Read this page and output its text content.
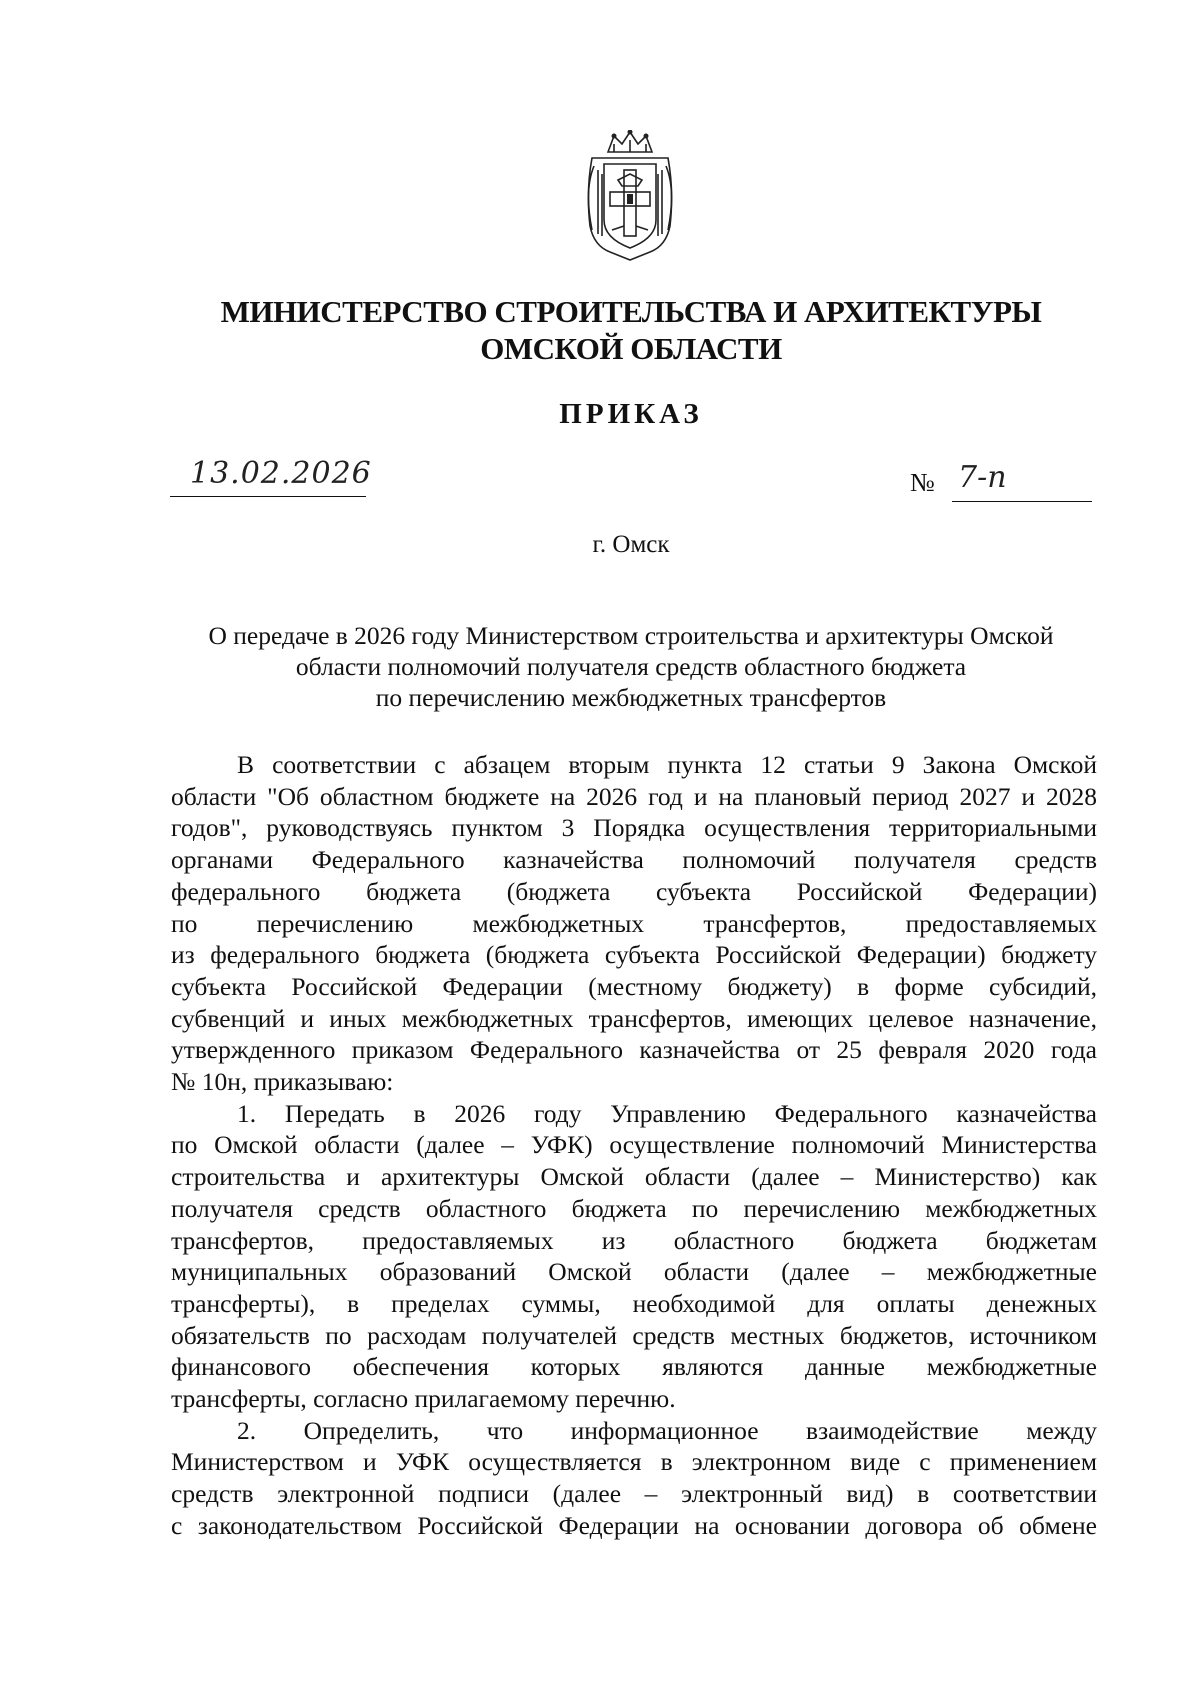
МИНИСТЕРСТВО СТРОИТЕЛЬСТВА И АРХИТЕКТУРЫ
ОМСКОЙ ОБЛАСТИ
ПРИКАЗ
13.02.2026	№ 7-п
г. Омск
О передаче в 2026 году Министерством строительства и архитектуры Омской
области полномочий получателя средств областного бюджета
по перечислению межбюджетных трансфертов

В соответствии с абзацем вторым пункта 12 статьи 9 Закона Омской
области "Об областном бюджете на 2026 год и на плановый период 2027 и 2028
годов", руководствуясь пунктом 3 Порядка осуществления территориальными
органами Федерального казначейства полномочий получателя средств
федерального бюджета (бюджета субъекта Российской Федерации)
по перечислению межбюджетных трансфертов, предоставляемых
из федерального бюджета (бюджета субъекта Российской Федерации) бюджету
субъекта Российской Федерации (местному бюджету) в форме субсидий,
субвенций и иных межбюджетных трансфертов, имеющих целевое назначение,
утвержденного приказом Федерального казначейства от 25 февраля 2020 года
№ 10н, приказываю:

1. Передать в 2026 году Управлению Федерального казначейства
по Омской области (далее – УФК) осуществление полномочий Министерства
строительства и архитектуры Омской области (далее – Министерство) как
получателя средств областного бюджета по перечислению межбюджетных
трансфертов, предоставляемых из областного бюджета бюджетам
муниципальных образований Омской области (далее – межбюджетные
трансферты), в пределах суммы, необходимой для оплаты денежных
обязательств по расходам получателей средств местных бюджетов, источником
финансового обеспечения которых являются данные межбюджетные
трансферты, согласно прилагаемому перечню.

2. Определить, что информационное взаимодействие между
Министерством и УФК осуществляется в электронном виде с применением
средств электронной подписи (далее – электронный вид) в соответствии
с законодательством Российской Федерации на основании договора об обмене
